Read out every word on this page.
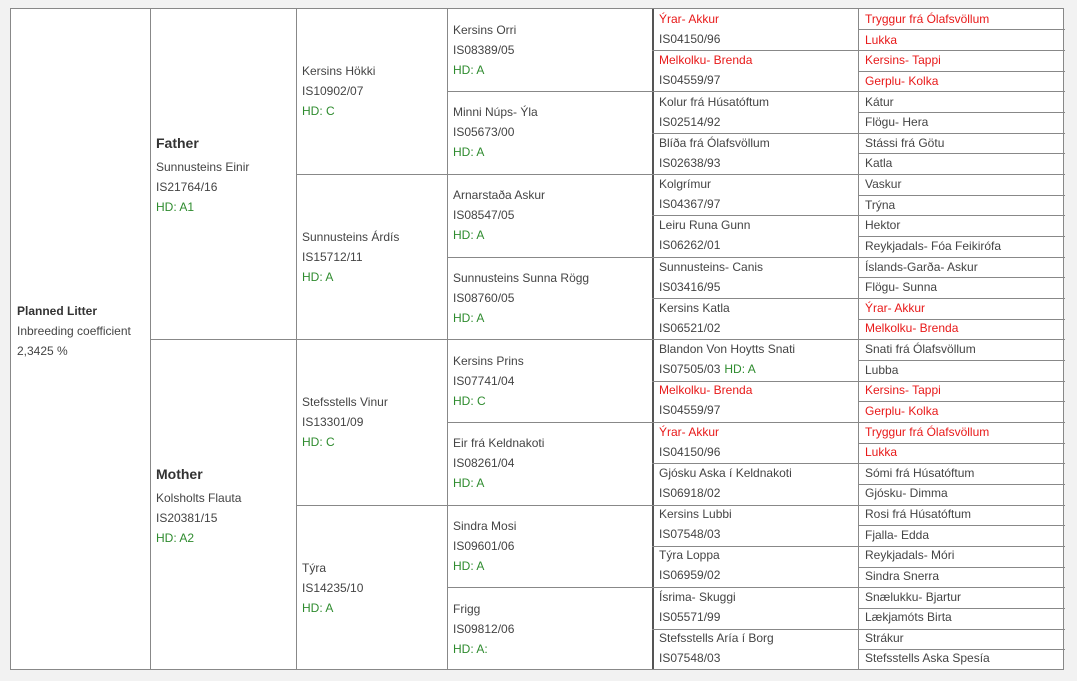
Planned Litter
Inbreeding coefficient
2,3425 %
Father
Sunnusteins Einir
IS21764/16
HD: A1
Mother
Kolsholts Flauta
IS20381/15
HD: A2
Kersins Hökki
IS10902/07
HD: C
Sunnusteins Árdís
IS15712/11
HD: A
Stefsstells Vinur
IS13301/09
HD: C
Týra
IS14235/10
HD: A
Kersins Orri
IS08389/05
HD: A
Minni Núps- Ýla
IS05673/00
HD: A
Arnarstaða Askur
IS08547/05
HD: A
Sunnusteins Sunna Rögg
IS08760/05
HD: A
Kersins Prins
IS07741/04
HD: C
Eir frá Keldnakoti
IS08261/04
HD: A
Sindra Mosi
IS09601/06
HD: A
Frigg
IS09812/06
HD: A:
Ýrar- Akkur
IS04150/96
Melkolku- Brenda
IS04559/97
Kolur frá Húsatóftum
IS02514/92
Blíða frá Ólafsvöllum
IS02638/93
Kolgrímur
IS04367/97
Leiru Runa Gunn
IS06262/01
Sunnusteins- Canis
IS03416/95
Kersins Katla
IS06521/02
Blandon Von Hoytts Snati
IS07505/03 HD: A
Melkolku- Brenda
IS04559/97
Ýrar- Akkur
IS04150/96
Gjósku Aska í Keldnakoti
IS06918/02
Kersins Lubbi
IS07548/03
Týra Loppa
IS06959/02
Ísrima- Skuggi
IS05571/99
Stefsstells Aría í Borg
IS07548/03
Tryggur frá Ólafsvöllum
Lukka
Kersins- Tappi
Gerplu- Kolka
Kátur
Flögu- Hera
Stássi frá Götu
Katla
Vaskur
Trýna
Hektor
Reykjadals- Fóa Feikirófa
Íslands-Garða- Askur
Flögu- Sunna
Ýrar- Akkur
Melkolku- Brenda
Snati frá Ólafsvöllum
Lubba
Kersins- Tappi
Gerplu- Kolka
Tryggur frá Ólafsvöllum
Lukka
Sómi frá Húsatóftum
Gjósku- Dimma
Rosi frá Húsatóftum
Fjalla- Edda
Reykjadals- Móri
Sindra Snerra
Snælukku- Bjartur
Lækjamóts Birta
Strákur
Stefsstells Aska Spesía
